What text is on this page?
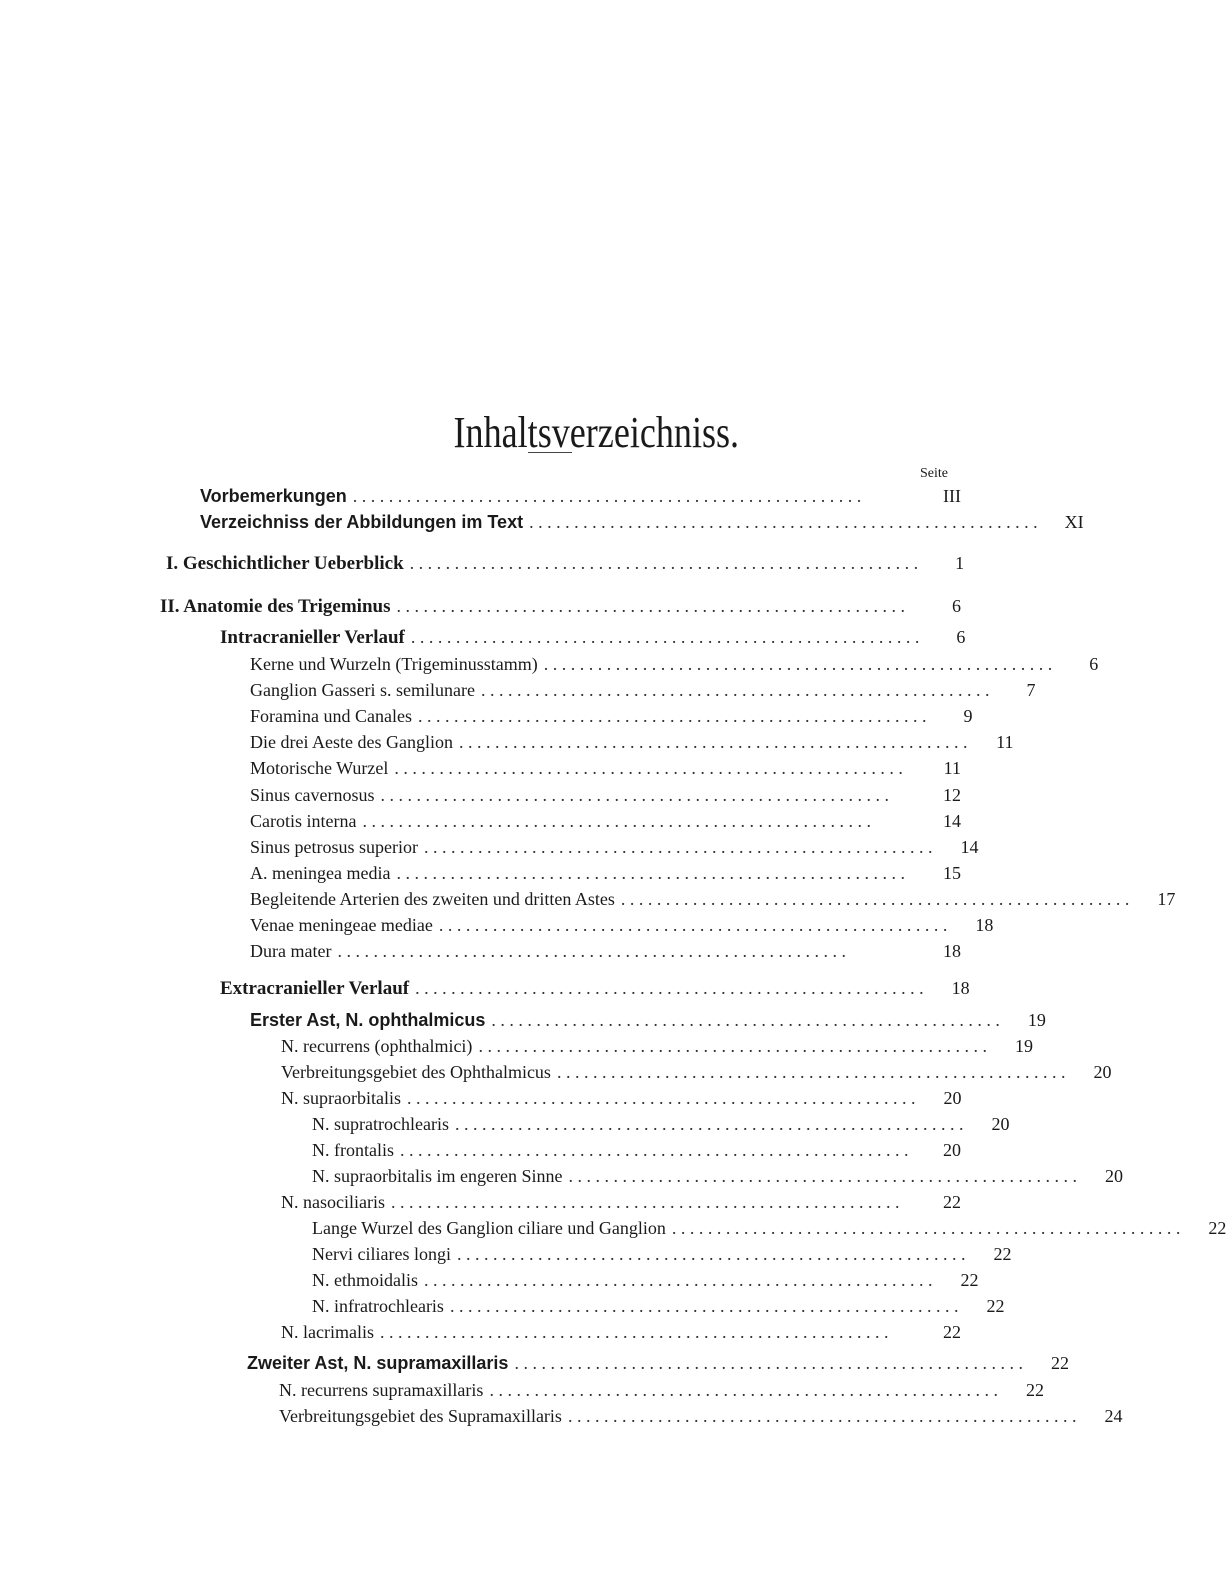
Inhaltsverzeichniss.
Seite
Vorbemerkungen . . . . . . . . . . . . . . . . . . . . . . . . . . . . . . . . . . . . . . . . . . . . . . . . . . . . . . . . .	III
Verzeichniss der Abbildungen im Text . . . . . . . . . . . . . . . . . . . . . . . . . . . . . . . . . . . . . . . . . . . . . . . . . . . . . . . . .	XI
I. Geschichtlicher Ueberblick . . . . . . . . . . . . . . . . . . . . . . . . . . . . . . . . . . . . . . . . . . . . . . . . . . . . . . . . .	1
II. Anatomie des Trigeminus . . . . . . . . . . . . . . . . . . . . . . . . . . . . . . . . . . . . . . . . . . . . . . . . . . . . . . . . .	6
Intracranieller Verlauf . . . . . . . . . . . . . . . . . . . . . . . . . . . . . . . . . . . . . . . . . . . . . . . . . . . . . . . . .	6
Kerne und Wurzeln (Trigeminusstamm) . . . . . . . . . . . . . . . . . . . . . . . . . . . . . . . . . . . . . . . . . . . . . . . . . . . . . . . . .	6
Ganglion Gasseri s. semilunare . . . . . . . . . . . . . . . . . . . . . . . . . . . . . . . . . . . . . . . . . . . . . . . . . . . . . . . . .	7
Foramina und Canales . . . . . . . . . . . . . . . . . . . . . . . . . . . . . . . . . . . . . . . . . . . . . . . . . . . . . . . . .	9
Die drei Aeste des Ganglion . . . . . . . . . . . . . . . . . . . . . . . . . . . . . . . . . . . . . . . . . . . . . . . . . . . . . . . . .	11
Motorische Wurzel . . . . . . . . . . . . . . . . . . . . . . . . . . . . . . . . . . . . . . . . . . . . . . . . . . . . . . . . .	11
Sinus cavernosus . . . . . . . . . . . . . . . . . . . . . . . . . . . . . . . . . . . . . . . . . . . . . . . . . . . . . . . . .	12
Carotis interna . . . . . . . . . . . . . . . . . . . . . . . . . . . . . . . . . . . . . . . . . . . . . . . . . . . . . . . . .	14
Sinus petrosus superior . . . . . . . . . . . . . . . . . . . . . . . . . . . . . . . . . . . . . . . . . . . . . . . . . . . . . . . . .	14
A. meningea media . . . . . . . . . . . . . . . . . . . . . . . . . . . . . . . . . . . . . . . . . . . . . . . . . . . . . . . . .	15
Begleitende Arterien des zweiten und dritten Astes . . . . . . . . . . . . . . . . . . . . . . . . . . . . . . . . . . . . . . . . . . . . . . . . . . . . . . . . .	17
Venae meningeae mediae . . . . . . . . . . . . . . . . . . . . . . . . . . . . . . . . . . . . . . . . . . . . . . . . . . . . . . . . .	18
Dura mater . . . . . . . . . . . . . . . . . . . . . . . . . . . . . . . . . . . . . . . . . . . . . . . . . . . . . . . . .	18
Extracranieller Verlauf . . . . . . . . . . . . . . . . . . . . . . . . . . . . . . . . . . . . . . . . . . . . . . . . . . . . . . . . .	18
Erster Ast, N. ophthalmicus . . . . . . . . . . . . . . . . . . . . . . . . . . . . . . . . . . . . . . . . . . . . . . . . . . . . . . . . .	19
N. recurrens (ophthalmici) . . . . . . . . . . . . . . . . . . . . . . . . . . . . . . . . . . . . . . . . . . . . . . . . . . . . . . . . .	19
Verbreitungsgebiet des Ophthalmicus . . . . . . . . . . . . . . . . . . . . . . . . . . . . . . . . . . . . . . . . . . . . . . . . . . . . . . . . .	20
N. supraorbitalis . . . . . . . . . . . . . . . . . . . . . . . . . . . . . . . . . . . . . . . . . . . . . . . . . . . . . . . . .	20
N. supratrochlearis . . . . . . . . . . . . . . . . . . . . . . . . . . . . . . . . . . . . . . . . . . . . . . . . . . . . . . . . .	20
N. frontalis . . . . . . . . . . . . . . . . . . . . . . . . . . . . . . . . . . . . . . . . . . . . . . . . . . . . . . . . .	20
N. supraorbitalis im engeren Sinne . . . . . . . . . . . . . . . . . . . . . . . . . . . . . . . . . . . . . . . . . . . . . . . . . . . . . . . . .	20
N. nasociliaris . . . . . . . . . . . . . . . . . . . . . . . . . . . . . . . . . . . . . . . . . . . . . . . . . . . . . . . . .	22
Lange Wurzel des Ganglion ciliare und Ganglion . . . . . . . . . . . . . . . . . . . . . . . . . . . . . . . . . . . . . . . . . . . . . . . . . . . . . . . . .	22
Nervi ciliares longi . . . . . . . . . . . . . . . . . . . . . . . . . . . . . . . . . . . . . . . . . . . . . . . . . . . . . . . . .	22
N. ethmoidalis . . . . . . . . . . . . . . . . . . . . . . . . . . . . . . . . . . . . . . . . . . . . . . . . . . . . . . . . .	22
N. infratrochlearis . . . . . . . . . . . . . . . . . . . . . . . . . . . . . . . . . . . . . . . . . . . . . . . . . . . . . . . . .	22
N. lacrimalis . . . . . . . . . . . . . . . . . . . . . . . . . . . . . . . . . . . . . . . . . . . . . . . . . . . . . . . . .	22
Zweiter Ast, N. supramaxillaris . . . . . . . . . . . . . . . . . . . . . . . . . . . . . . . . . . . . . . . . . . . . . . . . . . . . . . . . .	22
N. recurrens supramaxillaris . . . . . . . . . . . . . . . . . . . . . . . . . . . . . . . . . . . . . . . . . . . . . . . . . . . . . . . . .	22
Verbreitungsgebiet des Supramaxillaris . . . . . . . . . . . . . . . . . . . . . . . . . . . . . . . . . . . . . . . . . . . . . . . . . . . . . . . . .	24
